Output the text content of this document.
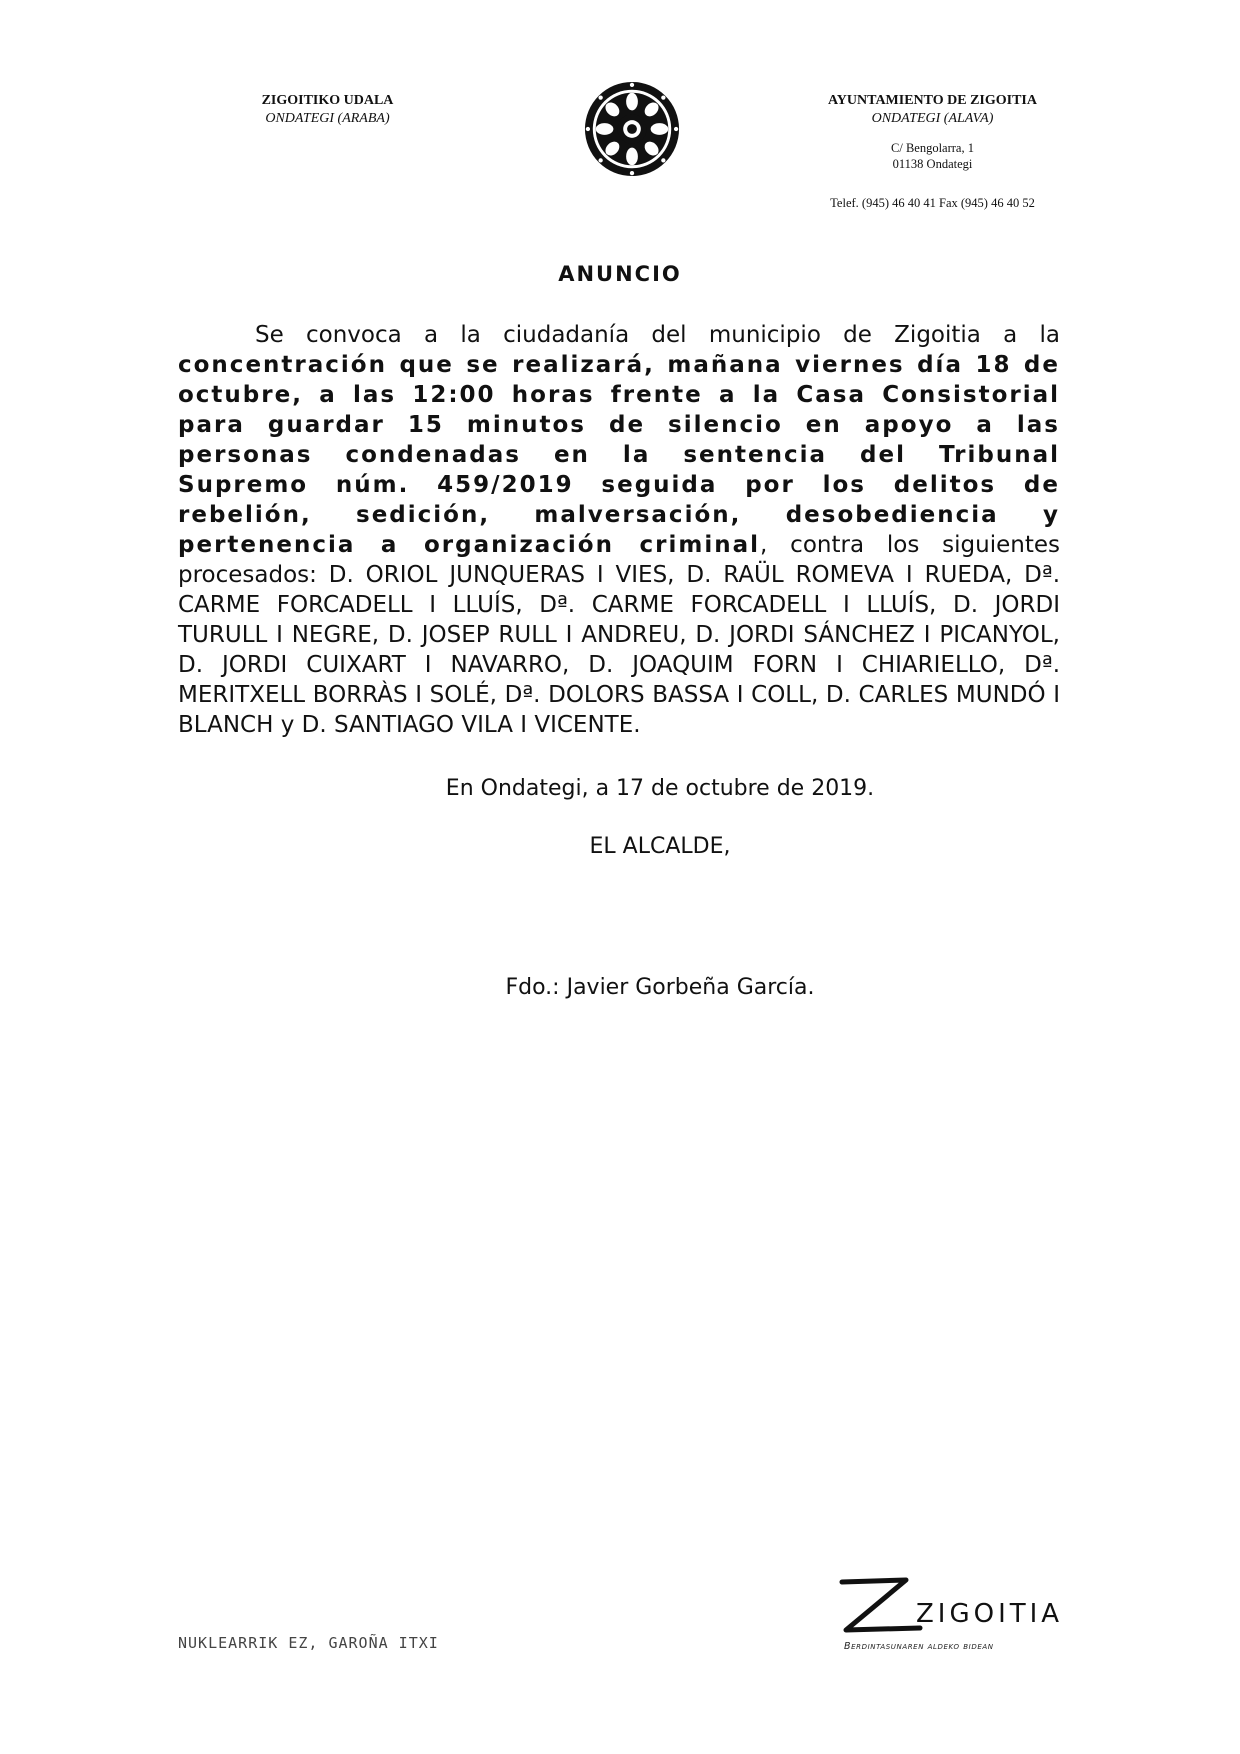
ZIGOITIKO UDALA
ONDATEGI (ARABA)
AYUNTAMIENTO DE ZIGOITIA
ONDATEGI (ALAVA)
C/ Bengolarra, 1
01138 Ondategi
Telef. (945) 46 40 41 Fax (945) 46 40 52
ANUNCIO
Se convoca a la ciudadanía del municipio de Zigoitia a la concentración que se realizará, mañana viernes día 18 de octubre, a las 12:00 horas frente a la Casa Consistorial para guardar 15 minutos de silencio en apoyo a las personas condenadas en la sentencia del Tribunal Supremo núm. 459/2019 seguida por los delitos de rebelión, sedición, malversación, desobediencia y pertenencia a organización criminal, contra los siguientes procesados: D. ORIOL JUNQUERAS I VIES, D. RAÜL ROMEVA I RUEDA, Dª. CARME FORCADELL I LLUÍS, Dª. CARME FORCADELL I LLUÍS, D. JORDI TURULL I NEGRE, D. JOSEP RULL I ANDREU, D. JORDI SÁNCHEZ I PICANYOL, D. JORDI CUIXART I NAVARRO, D. JOAQUIM FORN I CHIARIELLO, Dª. MERITXELL BORRÀS I SOLÉ, Dª. DOLORS BASSA I COLL, D. CARLES MUNDÓ I BLANCH y D. SANTIAGO VILA I VICENTE.
En Ondategi, a 17 de octubre de 2019.
EL ALCALDE,
Fdo.: Javier Gorbeña García.
NUKLEARRIK EZ, GAROÑA ITXI
ZIGOITIA
Berdintasunaren aldeko bidean
